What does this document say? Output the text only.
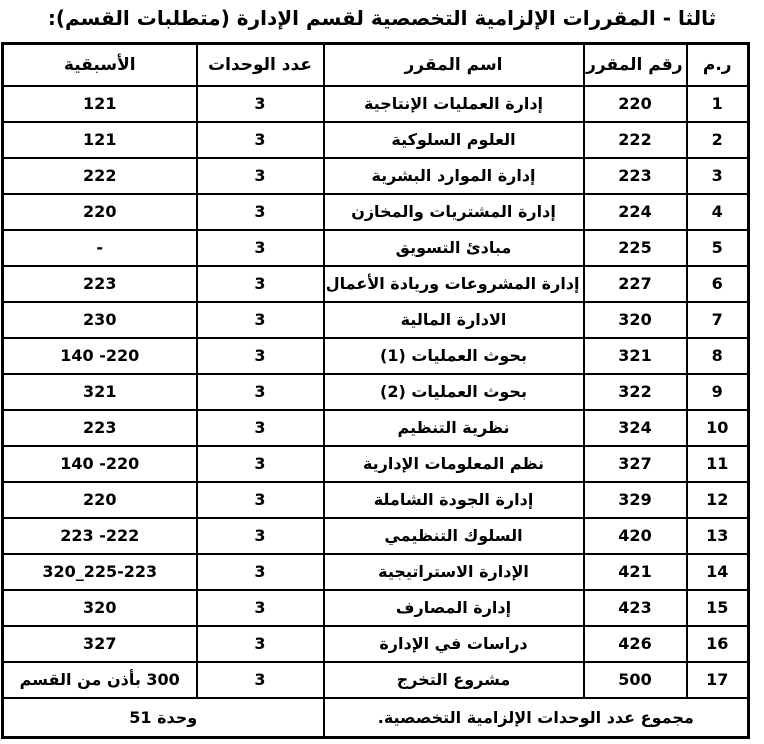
ثالثا - المقررات الإلزامية التخصصية لقسم الإدارة (متطلبات القسم):
ر.م	رقم المقرر	اسم المقرر	عدد الوحدات	الأسبقية
1	220	إدارة العمليات الإنتاجية	3	121
2	222	العلوم السلوكية	3	121
3	223	إدارة الموارد البشرية	3	222
4	224	إدارة المشتريات والمخازن	3	220
5	225	مبادئ التسويق	3	-
6	227	إدارة المشروعات وريادة الأعمال	3	223
7	320	الادارة المالية	3	230
8	321	بحوث العمليات (1)	3	140 -220
9	322	بحوث العمليات (2)	3	321
10	324	نظرية التنظيم	3	223
11	327	نظم المعلومات الإدارية	3	140 -220
12	329	إدارة الجودة الشاملة	3	220
13	420	السلوك التنظيمي	3	223 -222
14	421	الإدارة الاستراتيجية	3	320_225-223
15	423	إدارة المصارف	3	320
16	426	دراسات في الإدارة	3	327
17	500	مشروع التخرج	3	300 بأذن من القسم
مجموع عدد الوحدات الإلزامية التخصصية.			51 وحدة	
